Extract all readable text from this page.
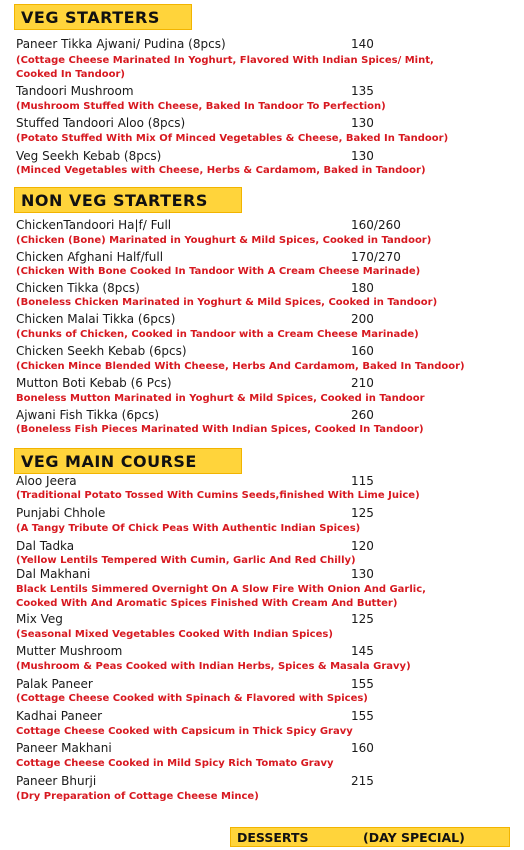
VEG STARTERS
Paneer Tikka Ajwani/ Pudina (8pcs)	140
(Cottage Cheese Marinated In Yoghurt, Flavored With Indian Spices/ Mint,
Cooked In Tandoor)
Tandoori Mushroom	135
(Mushroom Stuffed With Cheese, Baked In Tandoor To Perfection)
Stuffed Tandoori Aloo (8pcs)	130
(Potato Stuffed With Mix Of Minced Vegetables & Cheese, Baked In Tandoor)
Veg Seekh Kebab (8pcs)	130
(Minced Vegetables with Cheese, Herbs & Cardamom, Baked in Tandoor)
NON VEG STARTERS
ChickenTandoori Ha|f/ Full	160/260
(Chicken (Bone) Marinated in Youghurt & Mild Spices, Cooked in Tandoor)
Chicken Afghani Half/full	170/270
(Chicken With Bone Cooked In Tandoor With A Cream Cheese Marinade)
Chicken Tikka (8pcs)	180
(Boneless Chicken Marinated in Yoghurt & Mild Spices, Cooked in Tandoor)
Chicken Malai Tikka (6pcs)	200
(Chunks of Chicken, Cooked in Tandoor with a Cream Cheese Marinade)
Chicken Seekh Kebab (6pcs)	160
(Chicken Mince Blended With Cheese, Herbs And Cardamom, Baked In Tandoor)
Mutton Boti Kebab (6 Pcs)	210
Boneless Mutton Marinated in Yoghurt & Mild Spices, Cooked in Tandoor
Ajwani Fish Tikka (6pcs)	260
(Boneless Fish Pieces Marinated With Indian Spices, Cooked In Tandoor)
VEG MAIN COURSE
Aloo Jeera	115
(Traditional Potato Tossed With Cumins Seeds,finished With Lime Juice)
Punjabi Chhole	125
(A Tangy Tribute Of Chick Peas With Authentic Indian Spices)
Dal Tadka	120
(Yellow Lentils Tempered With Cumin, Garlic And Red Chilly)
Dal Makhani	130
Black Lentils Simmered Overnight On A Slow Fire With Onion And Garlic,
Cooked With And Aromatic Spices Finished With Cream And Butter)
Mix Veg	125
(Seasonal Mixed Vegetables Cooked With Indian Spices)
Mutter Mushroom	145
(Mushroom & Peas Cooked with Indian Herbs, Spices & Masala Gravy)
Palak Paneer	155
(Cottage Cheese Cooked with Spinach & Flavored with Spices)
Kadhai Paneer	155
Cottage Cheese Cooked with Capsicum in Thick Spicy Gravy
Paneer Makhani	160
Cottage Cheese Cooked in Mild Spicy Rich Tomato Gravy
Paneer Bhurji	215
(Dry Preparation of Cottage Cheese Mince)
DESSERTS	(DAY SPECIAL)
